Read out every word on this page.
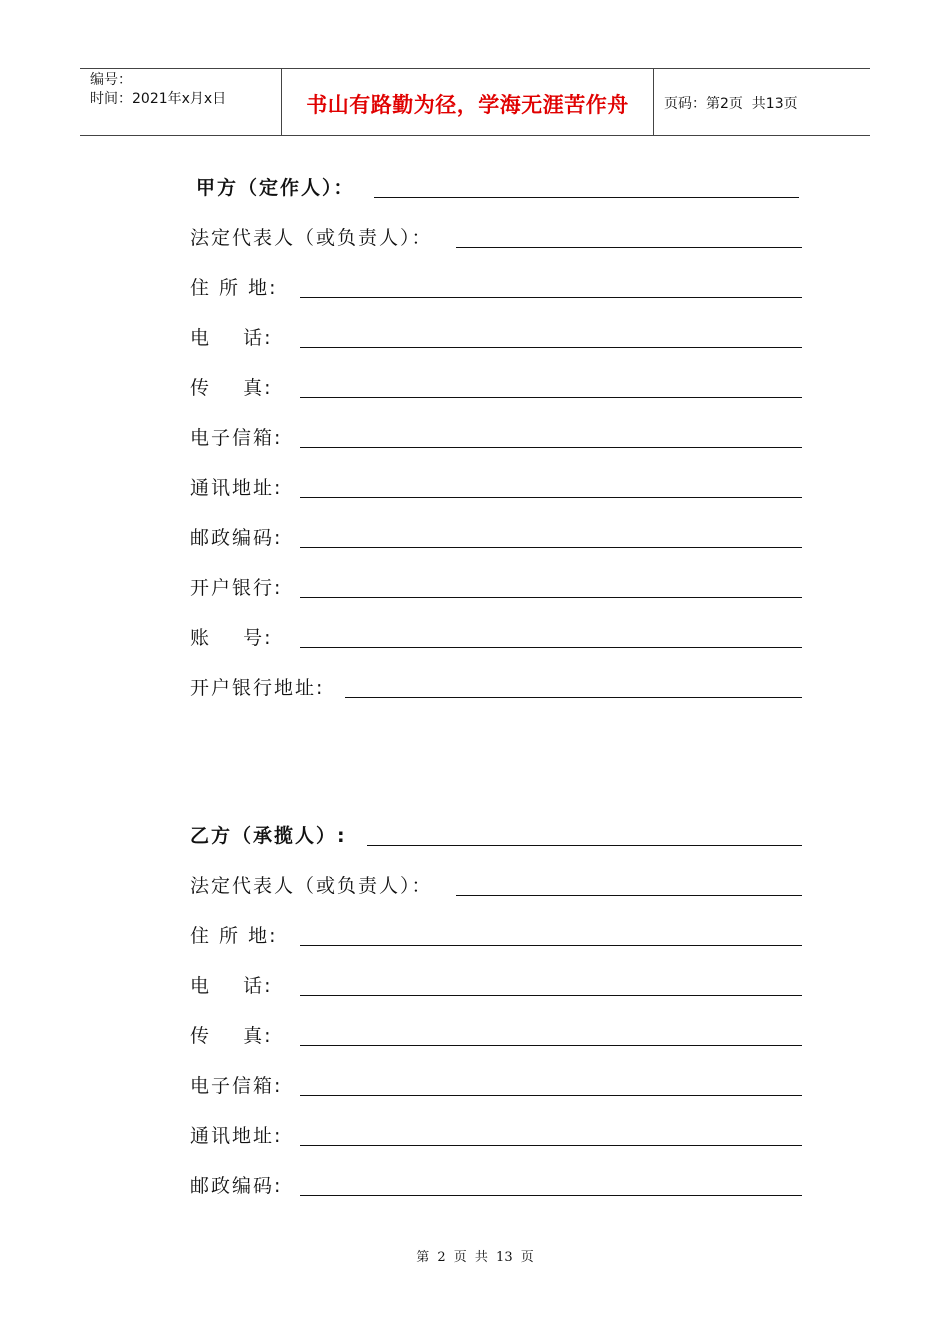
编号：
时间：2021年x月x日	书山有路勤为径，学海无涯苦作舟	页码：第2页  共13页
甲方（定作人）：
法定代表人（或负责人）：
住 所 地:
电    话:
传    真:
电子信箱:
通讯地址:
邮政编码:
开户银行:
账    号:
开户银行地址:
乙方（承揽人）:
法定代表人（或负责人）：
住 所 地:
电    话:
传    真:
电子信箱:
通讯地址:
邮政编码:
第 2 页 共 13 页
